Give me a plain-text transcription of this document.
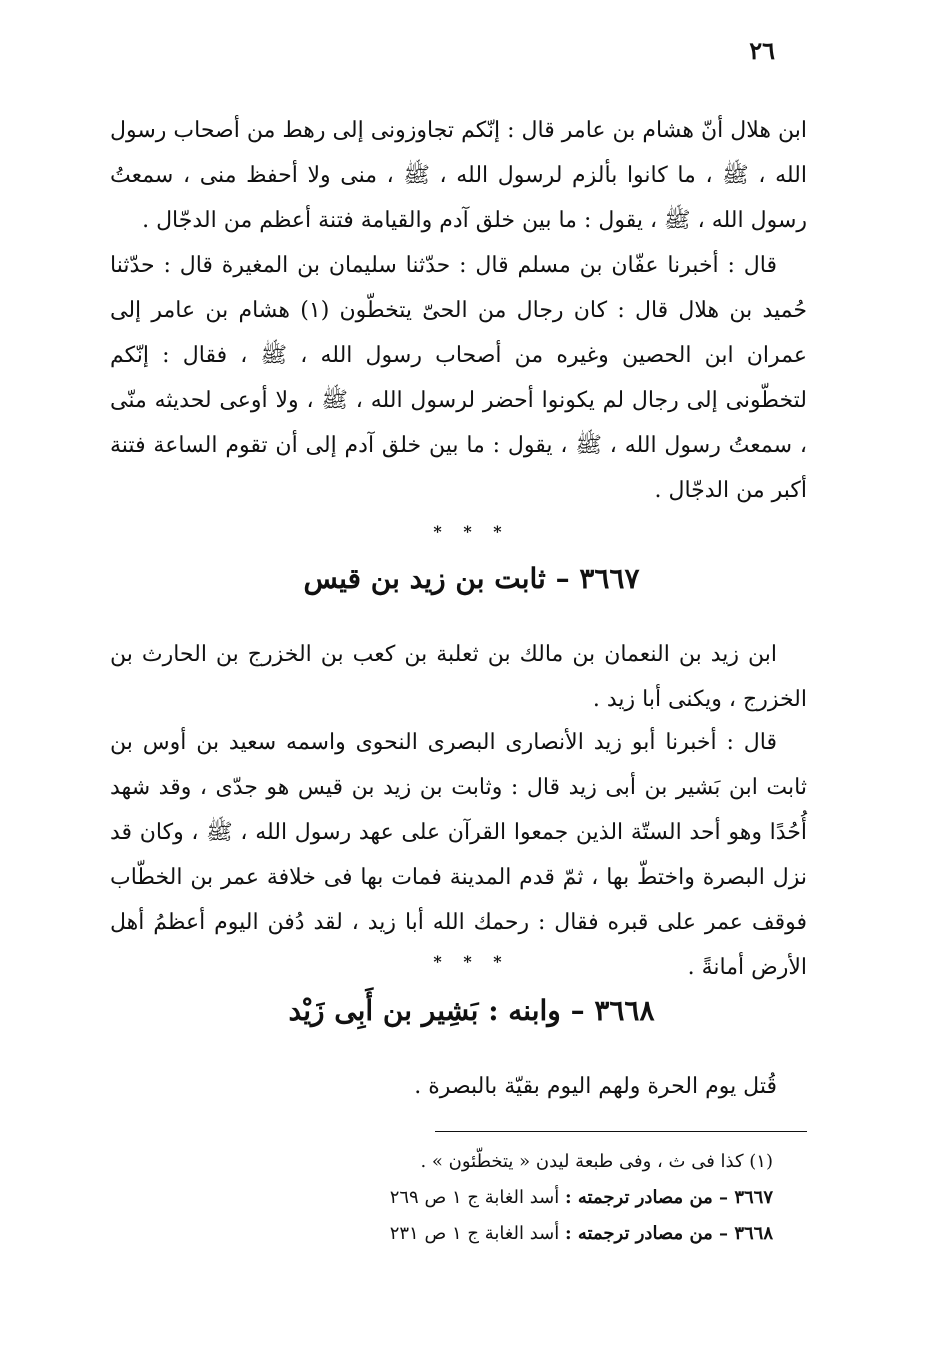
٢٦

ابن هلال أنّ هشام بن عامر قال : إنّكم تجاوزونى إلى رهط من أصحاب رسول الله ، ﷺ ، ما كانوا بألزم لرسول الله ، ﷺ ، منى ولا أحفظ منى ، سمعتُ رسول الله ، ﷺ ، يقول : ما بين خلق آدم والقيامة فتنة أعظم من الدجّال .

قال : أخبرنا عفّان بن مسلم قال : حدّثنا سليمان بن المغيرة قال : حدّثنا حُميد بن هلال قال : كان رجال من الحىّ يتخطّون (١) هشام بن عامر إلى عمران ابن الحصين وغيره من أصحاب رسول الله ، ﷺ ، فقال : إنّكم لتخطّونى إلى رجال لم يكونوا أحضر لرسول الله ، ﷺ ، ولا أوعى لحديثه منّى ، سمعتُ رسول الله ، ﷺ ، يقول : ما بين خلق آدم إلى أن تقوم الساعة فتنة أكبر من الدجّال .

* * *
٣٦٦٧ – ثابت بن زيد بن قيس

ابن زيد بن النعمان بن مالك بن ثعلبة بن كعب بن الخزرج بن الحارث بن الخزرج ، ويكنى أبا زيد .

قال : أخبرنا أبو زيد الأنصارى البصرى النحوى واسمه سعيد بن أوس بن ثابت ابن بَشير بن أبى زيد قال : وثابت بن زيد بن قيس هو جدّى ، وقد شهد أُحُدًا وهو أحد الستّة الذين جمعوا القرآن على عهد رسول الله ، ﷺ ، وكان قد نزل البصرة واختطّ بها ، ثمّ قدم المدينة فمات بها فى خلافة عمر بن الخطّاب فوقف عمر على قبره فقال : رحمك الله أبا زيد ، لقد دُفن اليوم أعظمُ أهل الأرض أمانةً .

* * *
٣٦٦٨ – وابنه : بَشِير بن أَبِى زَيْد

قُتل يوم الحرة ولهم اليوم بقيّة بالبصرة .

(١) كذا فى ث ، وفى طبعة ليدن « يتخطّئون » .

٣٦٦٧ – من مصادر ترجمته : أسد الغابة ج ١ ص ٢٦٩

٣٦٦٨ – من مصادر ترجمته : أسد الغابة ج ١ ص ٢٣١
